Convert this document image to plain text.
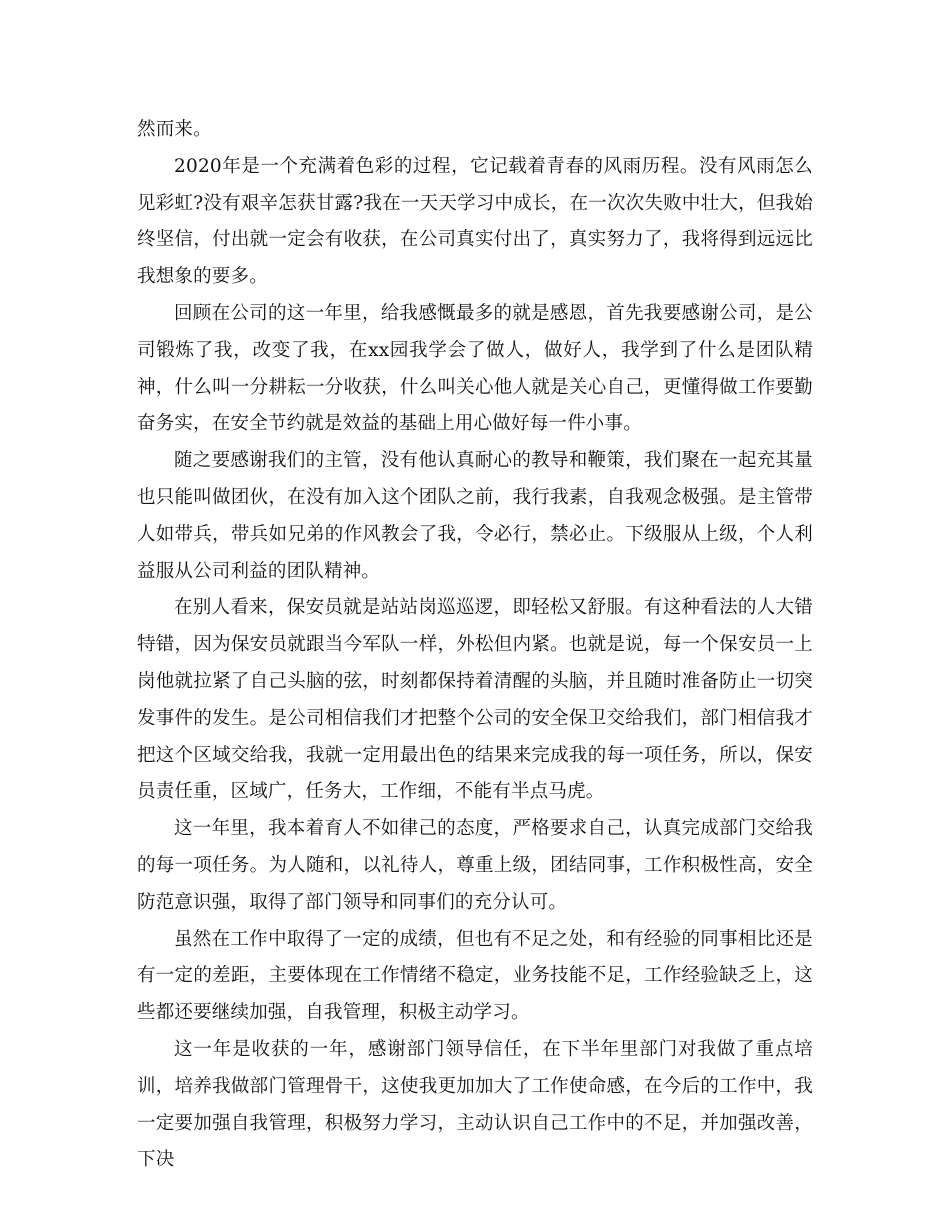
然而来。

2020年是一个充满着色彩的过程，它记载着青春的风雨历程。没有风雨怎么见彩虹?没有艰辛怎获甘露?我在一天天学习中成长，在一次次失败中壮大，但我始终坚信，付出就一定会有收获，在公司真实付出了，真实努力了，我将得到远远比我想象的要多。

回顾在公司的这一年里，给我感慨最多的就是感恩，首先我要感谢公司，是公司锻炼了我，改变了我，在xx园我学会了做人，做好人，我学到了什么是团队精神，什么叫一分耕耘一分收获，什么叫关心他人就是关心自己，更懂得做工作要勤奋务实，在安全节约就是效益的基础上用心做好每一件小事。

随之要感谢我们的主管，没有他认真耐心的教导和鞭策，我们聚在一起充其量也只能叫做团伙，在没有加入这个团队之前，我行我素，自我观念极强。是主管带人如带兵，带兵如兄弟的作风教会了我，令必行，禁必止。下级服从上级，个人利益服从公司利益的团队精神。

在别人看来，保安员就是站站岗巡巡逻，即轻松又舒服。有这种看法的人大错特错，因为保安员就跟当今军队一样，外松但内紧。也就是说，每一个保安员一上岗他就拉紧了自己头脑的弦，时刻都保持着清醒的头脑，并且随时准备防止一切突发事件的发生。是公司相信我们才把整个公司的安全保卫交给我们，部门相信我才把这个区域交给我，我就一定用最出色的结果来完成我的每一项任务，所以，保安员责任重，区域广，任务大，工作细，不能有半点马虎。

这一年里，我本着育人不如律己的态度，严格要求自己，认真完成部门交给我的每一项任务。为人随和，以礼待人，尊重上级，团结同事，工作积极性高，安全防范意识强，取得了部门领导和同事们的充分认可。

虽然在工作中取得了一定的成绩，但也有不足之处，和有经验的同事相比还是有一定的差距，主要体现在工作情绪不稳定，业务技能不足，工作经验缺乏上，这些都还要继续加强，自我管理，积极主动学习。

这一年是收获的一年，感谢部门领导信任，在下半年里部门对我做了重点培训，培养我做部门管理骨干，这使我更加加大了工作使命感，在今后的工作中，我一定要加强自我管理，积极努力学习，主动认识自己工作中的不足，并加强改善，下决
